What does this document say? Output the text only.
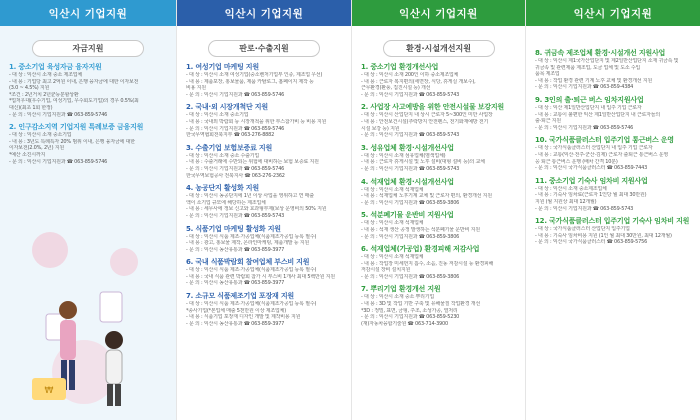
익산시 기업지원
자금지원
1. 중소기업 육성자금 융자지원
- 대 상 : 익산시 소재 중소 제조업체
- 내 용 : 기업당 최고 2억원 이내, 은행 융자금에 대한 이자보전
(3.0 ~ 4.5%) 지원
*조건 : 2년거치 2년균등분할상환
*업처우대(우수기업, 여성기업, 우수회도기업)의 경우 0.5%(최
대신)(최초 1회 한정)
- 문 의 : 익산시 기업지원과 ☎ 063-859-5746
2. 인구감소지역 기업지원 특례보증 금융지원
- 대 상 : 익산시 소재 중소기업
- 내 용 : 3년도 특례특자 20% 범위 이내, 은행 융자금에 대한
이자보전(2.0%, 2년) 지원
*예산 소진시까지
- 문 의 : 익산시 기업지원과 ☎ 063-859-5746
₩
익산시 기업지원
판로·수출지원
1. 여성기업 마케팅 지원
- 대 상 : 익산시 소재 여성기업(중소벤처기업부 인증, 제조업 우선)
- 내 용 : 제품포장, 홍보물품, 제품 카탈로그, 홈페이지 제작 등
비용 지원
- 문 의 : 익산시 기업지원과 ☎ 063-859-5746
2. 국내·외 시장개척단 지원
- 대 상 : 익산시 소재 중소기업
- 내 용 : 국내외 박람회 등 시장개척을 위한 부스참가비 등 비용 지원
- 문 의 : 익산시 기업지원과 ☎ 063-859-5746
한국무역협회전북지부 ☎ 063-276-8882
3. 수출기업 보험보증료 지원
- 대 상 : 익산시 소재 중소 수출기업
- 내 용 : 수출거래에 수반되는 위험에 대비하는 보험 보증료 지원
- 문 의 : 익산시 기업지원과 ☎ 063-859-5746
한국무역보험공사 전북지사 ☎ 063-276-2362
4. 농공단지 활성화 지원
- 대 상 : 익산시 농공단지에 1년 이상 사업을 영위하고 연 매출
액이 소기업 규모에 해당하는 제조업체
- 내 용 : 세무사에 정보 신고와 효과형부제(보상 운영비의 50% 지원
- 문 의 : 익산시 기업지원과 ☎ 063-859-5743
5. 식품기업 마케팅 활성화 지원
- 대 상 : 익산시 식품 제조·가공업체(식품제조가공업 등록 필수)
- 내 용 : 광고, 홍보물 제작, 온라인마케팅, 제품개발 등 지원
- 문 의 : 익산시 농산유통과 ☎ 063-859-3977
6. 국내 식품박람회 참여업체 부스비 지원
- 대 상 : 익산시 식품 제조·가공업체(식품제조가공업 등록 필수)
- 내 용 : 국내 식품 관련 박람회 참가 시 부스비 1개사 최대 5백만원 지원
- 문 의 : 익산시 농산유통과 ☎ 063-859-3977
7. 소규모 식품제조기업 포장재 지원
- 대 상 : 익산시 식품 제조·가공업체(식품제조가공업 등록 필수)
*종사기업(*본업체 매출 5천만원 이상 제조업체)
- 내 용 : 식품기업 포장재 디자인 개발 및 제작비용 지원
- 문 의 : 익산시 농산유통과 ☎ 063-859-3977
익산시 기업지원
환경·시설개선지원
1. 중소기업 환경개선사업
- 대 상 : 익산시 소재 200인 이하 중소제조업체
- 내 용 : 근로자 복지편의(세면장, 식당, 휴게실 개보수),
근무환경(환풍, 집진시설 등) 개선
- 문 의 : 익산시 기업지원과 ☎ 063-859-5743
2. 사업장 사고예방을 위한 안전시설물 보강지원
- 대 상 : 익산시 산업단지 내 상시 근로자 5~300인 미만 사업장
- 내 용 : 안전보건시설(추락방지 안전펜스, 전기화재예방 전기
시설 보강 등) 지원
- 문 의 : 익산시 기업지원과 ☎ 063-859-5743
3. 성유업체 환경·시설개선사업
- 대 상 : 익산시 소재 섬유업체(염색업체)
- 내 용 : 근로자 휴게시설 및 노후 설비(대형 설비 등)의 교체
- 문 의 : 익산시 기업지원과 ☎ 063-859-5743
4. 석재업체 환경·시설개선사업
- 대 상 : 익산시 소재 석재업체
- 내 용 : 석재업체 노후기계 교체 및 근로자 편의, 환경개선 지원
- 문 의 : 익산시 기업지원과 ☎ 063-859-3806
5. 석분폐기물 운반비 지원사업
- 대 상 : 익산시 소재 석재업체
- 내 용 : 석재 생산 공정 발생하는 석분폐기물 운반비 지원
- 문 의 : 익산시 기업지원과 ☎ 063-859-3806
6. 석재업체(가공업) 환경피해 저감사업
- 대 상 : 익산시 소재 석재업체
- 내 용 : 작업장 미세먼지 흡수, 소음, 진동 저감시설 등 환경피해
저감시설 장비 설치지원
- 문 의 : 익산시 기업지원과 ☎ 063-859-3806
7. 뿌리기업 환경개선 지원
- 대 상 : 익산시 소재 중소 뿌리기업
- 내 용 : 3D 및 작업 기반 구축 및 유해물질 작업환경 개선
*3D : 정밀, 표면, 금형, 주조, 소성가공, 열처리
- 문 의 : 익산시 기업지원과 ☎ 063-859-5230
(재)자동차융합기술원 ☎ 063-714-3900
익산시 기업지원
8. 귀금속 제조업체 환경·시설개선 지원사업
- 대 상 : 익산시 제1국가산업단지 및 제2일반산업단지 소재 귀금속 및
귀금속 및 관련제품 제조업, 도금 업체 및 도소 수입
품목 제조업
- 내 용 : 작업 환경 관련 기계 노후 교체 및 환경개선 지원
- 문 의 : 익산시 기업지원과 ☎ 063-859-4384
9. 3인의 출·퇴근 버스 임차지원사업
- 대 상 : 익산 제1일반산업단지 내 입주 기업 근로자
- 내 용 : 교통이 불편한 익산 제1일반산업단지 내 근로자들의
출·퇴근 지원
- 문 의 : 익산시 기업지원과 ☎ 063-859-5746
10. 국가식품클러스터 입주기업 통근버스 운영
- 대 상 : 국가식품클러스터 산업단지 내 입주 기업 근로자
- 내 용 : 교통(익산·전주·군산·김제) 근로자 출퇴근 통근버스 운영
응 퇴근 통근버스 운행 (배차 간격 10분)
- 문 의 : 익산시 국가식품클러스터 ☎ 063-859-7443
11. 중소기업 기숙사 임차비 지원사업
- 대 상 : 익산시 소재 중소제조업체
- 내 용 : 기숙사 임차료(근로자 1인당 월 최대 30만원)
지원 (월 지원상 최대 12개월)
- 문 의 : 익산시 기업지원과 ☎ 063-859-5743
12. 국가식품클러스터 입주기업 기숙사 임차비 지원
- 대 상 : 국가식품클러스터 산업단지 입주기업
- 내 용 : 기숙사 임차비용 지원 (1인 월 최대 30만원, 최대 12개월)
- 문 의 : 익산시 국가식품클러스터 ☎ 063-859-5756
